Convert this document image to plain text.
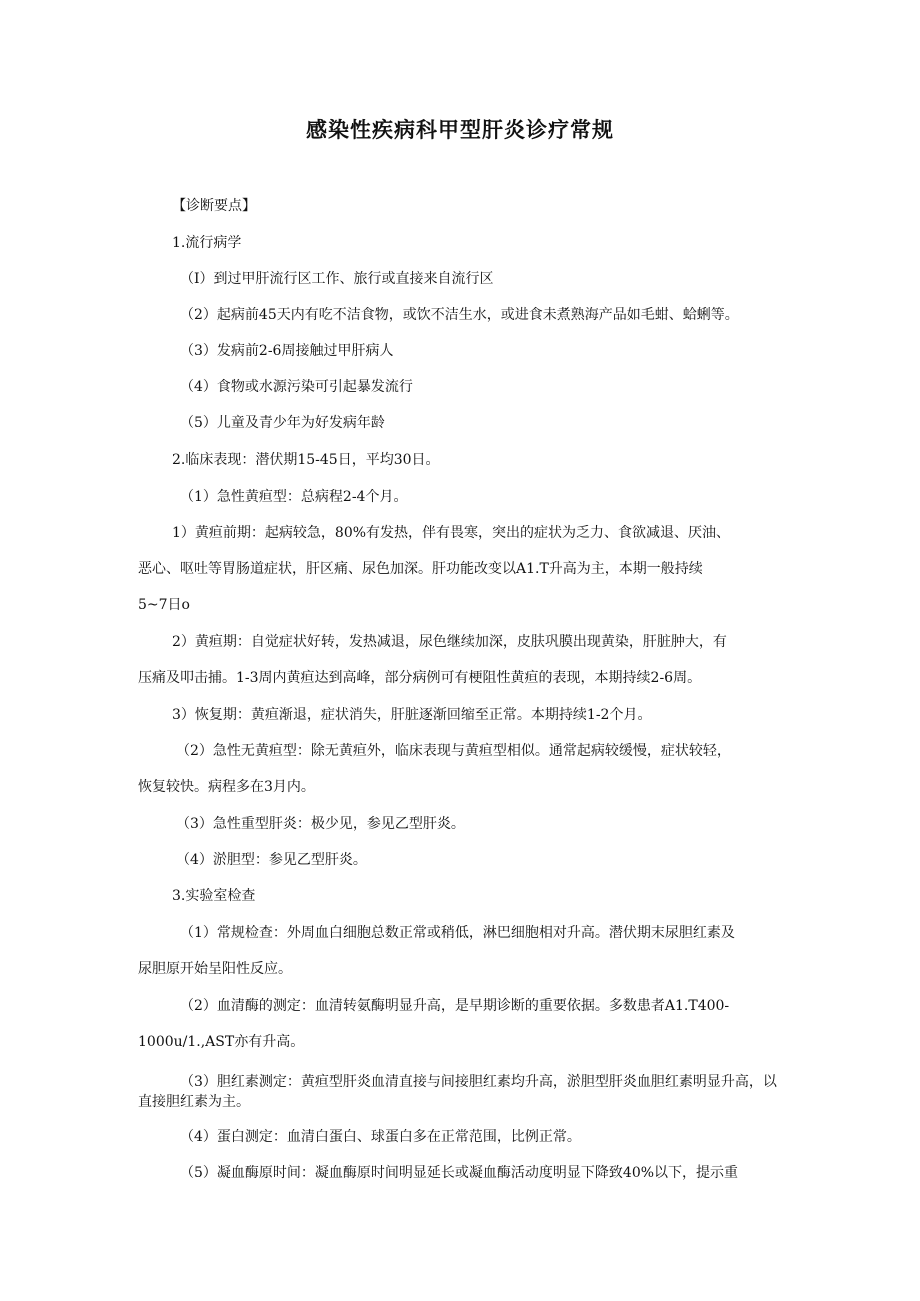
感染性疾病科甲型肝炎诊疗常规
【诊断要点】
1.流行病学
（I）到过甲肝流行区工作、旅行或直接来自流行区
（2）起病前45天内有吃不洁食物，或饮不洁生水，或进食未煮熟海产品如毛蚶、蛤蜊等。
（3）发病前2-6周接触过甲肝病人
（4）食物或水源污染可引起暴发流行
（5）儿童及青少年为好发病年龄
2.临床表现：潜伏期15-45日，平均30日。
（1）急性黄疸型：总病程2-4个月。
1）黄疸前期：起病较急，80%有发热，伴有畏寒，突出的症状为乏力、食欲减退、厌油、
恶心、呕吐等胃肠道症状，肝区痛、尿色加深。肝功能改变以A1.T升高为主，本期一般持续
5~7日o
2）黄疸期：自觉症状好转，发热减退，尿色继续加深，皮肤巩膜出现黄染，肝脏肿大，有
压痛及叩击捕。1-3周内黄疸达到高峰，部分病例可有梗阻性黄疸的表现，本期持续2-6周。
3）恢复期：黄疸渐退，症状消失，肝脏逐渐回缩至正常。本期持续1-2个月。
（2）急性无黄疸型：除无黄疸外，临床表现与黄疸型相似。通常起病较缓慢，症状较轻，
恢复较快。病程多在3月内。
（3）急性重型肝炎：极少见，参见乙型肝炎。
（4）淤胆型：参见乙型肝炎。
3.实验室检查
（1）常规检查：外周血白细胞总数正常或稍低，淋巴细胞相对升高。潜伏期末尿胆红素及
尿胆原开始呈阳性反应。
（2）血清酶的测定：血清转氨酶明显升高，是早期诊断的重要依据。多数患者A1.T400-
1000u/1.,AST亦有升高。
（3）胆红素测定：黄疸型肝炎血清直接与间接胆红素均升高，淤胆型肝炎血胆红素明显升高，以直接胆红素为主。
（4）蛋白测定：血清白蛋白、球蛋白多在正常范围，比例正常。
（5）凝血酶原时间：凝血酶原时间明显延长或凝血酶活动度明显下降致40%以下，提示重
